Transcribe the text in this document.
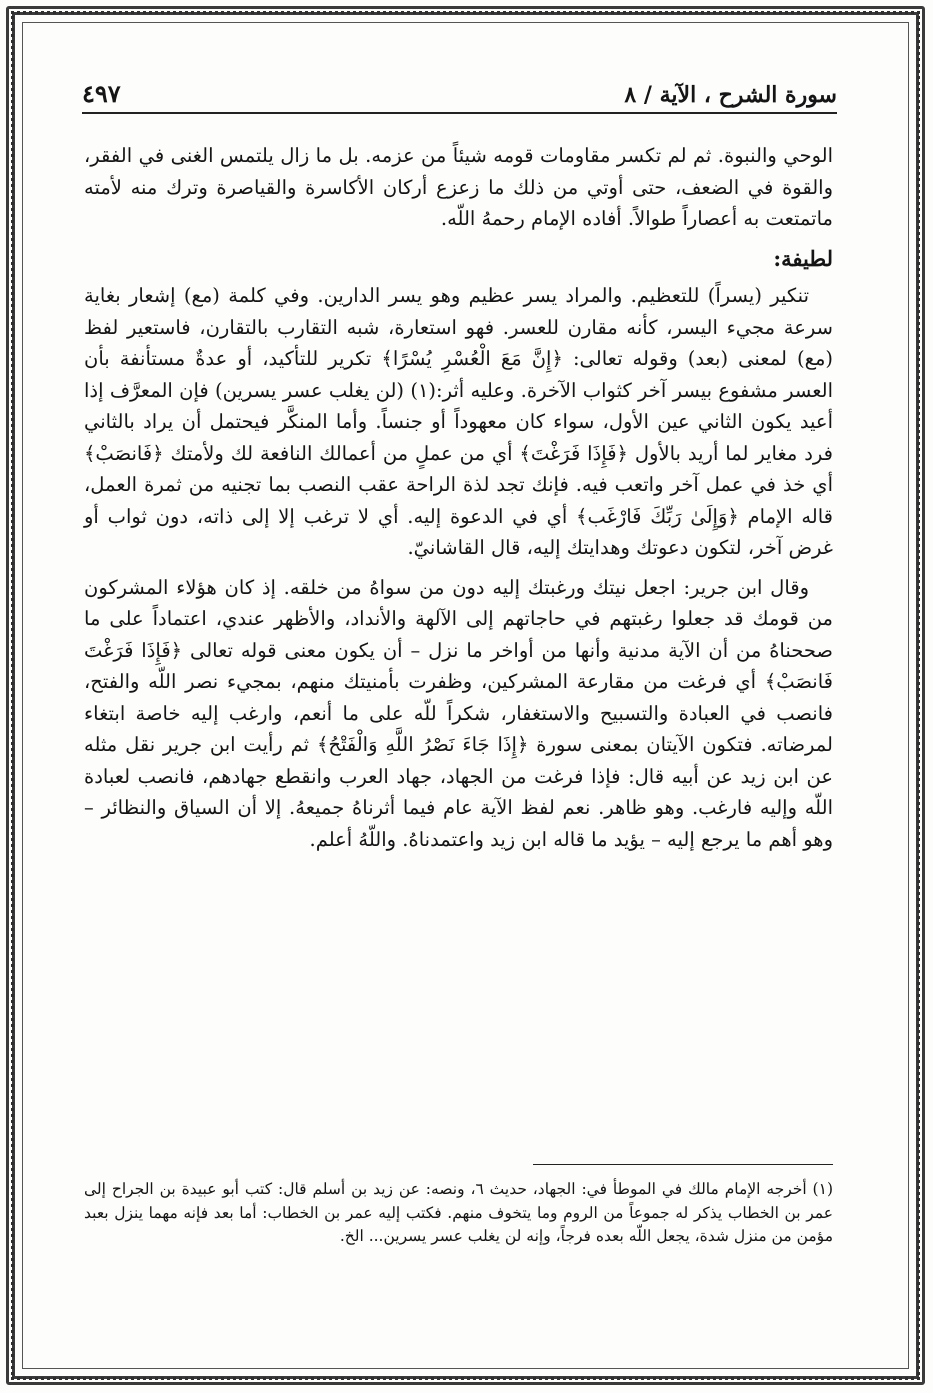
سورة الشرح ، الآية / ٨
٤٩٧

الوحي والنبوة. ثم لم تكسر مقاومات قومه شيئاً من عزمه. بل ما زال يلتمس الغنى في الفقر، والقوة في الضعف، حتى أوتي من ذلك ما زعزع أركان الأكاسرة والقياصرة وترك منه لأمته ماتمتعت به أعصاراً طوالاً. أفاده الإمام رحمهُ اللّه.

لطيفة:

تنكير (يسراً) للتعظيم. والمراد يسر عظيم وهو يسر الدارين. وفي كلمة (مع) إشعار بغاية سرعة مجيء اليسر، كأنه مقارن للعسر. فهو استعارة، شبه التقارب بالتقارن، فاستعير لفظ (مع) لمعنى (بعد) وقوله تعالى: ﴿إِنَّ مَعَ الْعُسْرِ يُسْرًا﴾ تكرير للتأكيد، أو عدةٌ مستأنفة بأن العسر مشفوع بيسر آخر كثواب الآخرة. وعليه أثر:(١) (لن يغلب عسر يسرين) فإن المعرَّف إذا أعيد يكون الثاني عين الأول، سواء كان معهوداً أو جنساً. وأما المنكَّر فيحتمل أن يراد بالثاني فرد مغاير لما أريد بالأول ﴿فَإِذَا فَرَغْتَ﴾ أي من عملٍ من أعمالك النافعة لك ولأمتك ﴿فَانصَبْ﴾ أي خذ في عمل آخر واتعب فيه. فإنك تجد لذة الراحة عقب النصب بما تجنيه من ثمرة العمل، قاله الإمام ﴿وَإِلَىٰ رَبِّكَ فَارْغَب﴾ أي في الدعوة إليه. أي لا ترغب إلا إلى ذاته، دون ثواب أو غرض آخر، لتكون دعوتك وهدايتك إليه، قال القاشانيّ.

وقال ابن جرير: اجعل نيتك ورغبتك إليه دون من سواهُ من خلقه. إذ كان هؤلاء المشركون من قومك قد جعلوا رغبتهم في حاجاتهم إلى الآلهة والأنداد، والأظهر عندي، اعتماداً على ما صححناهُ من أن الآية مدنية وأنها من أواخر ما نزل – أن يكون معنى قوله تعالى ﴿فَإِذَا فَرَغْتَ فَانصَبْ﴾ أي فرغت من مقارعة المشركين، وظفرت بأمنيتك منهم، بمجيء نصر اللّه والفتح، فانصب في العبادة والتسبيح والاستغفار، شكراً للّه على ما أنعم، وارغب إليه خاصة ابتغاء لمرضاته. فتكون الآيتان بمعنى سورة ﴿إِذَا جَاءَ نَصْرُ اللَّهِ وَالْفَتْحُ﴾ ثم رأيت ابن جرير نقل مثله عن ابن زيد عن أبيه قال: فإذا فرغت من الجهاد، جهاد العرب وانقطع جهادهم، فانصب لعبادة اللّه وإليه فارغب. وهو ظاهر. نعم لفظ الآية عام فيما أثرناهُ جميعهُ. إلا أن السياق والنظائر – وهو أهم ما يرجع إليه – يؤيد ما قاله ابن زيد واعتمدناهُ. واللّهُ أعلم.

(١) أخرجه الإمام مالك في الموطأ في: الجهاد، حديث ٦، ونصه: عن زيد بن أسلم قال: كتب أبو عبيدة بن الجراح إلى عمر بن الخطاب يذكر له جموعاً من الروم وما يتخوف منهم. فكتب إليه عمر بن الخطاب: أما بعد فإنه مهما ينزل بعبد مؤمن من منزل شدة، يجعل اللّه بعده فرجاً، وإنه لن يغلب عسر يسرين... الخ.
